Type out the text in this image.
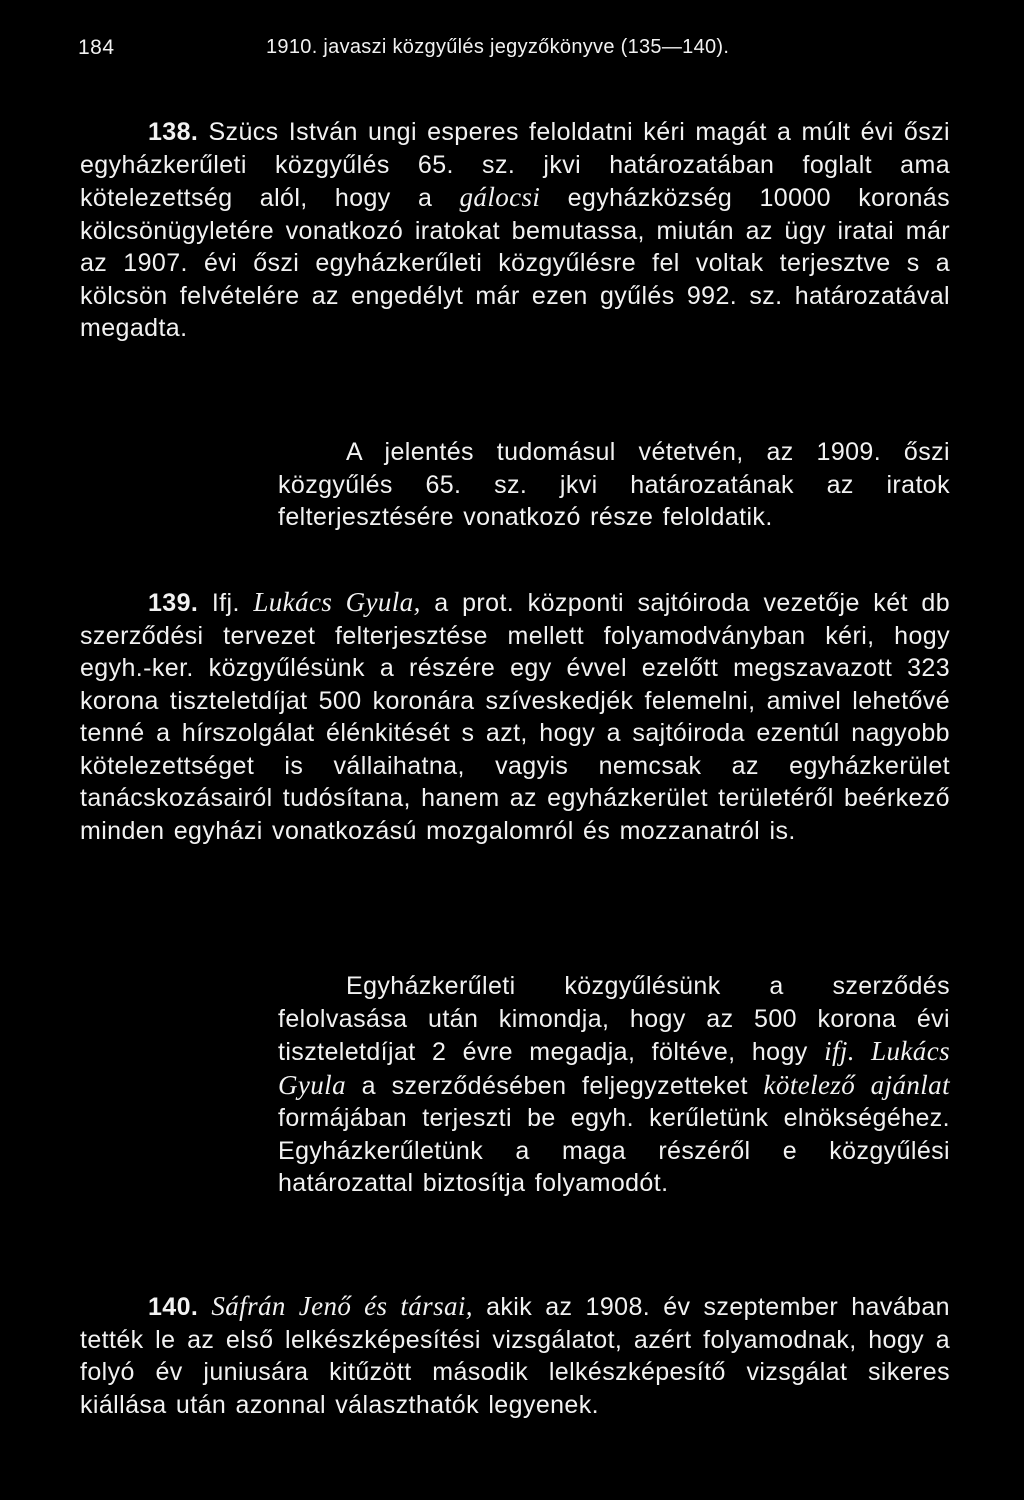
184	1910. javaszi közgyűlés jegyzőkönyve (135—140).

138. Szücs István ungi esperes feloldatni kéri magát a múlt évi őszi egyházkerűleti közgyűlés 65. sz. jkvi határozatában foglalt ama kötelezettség alól, hogy a gálocsi egyházközség 10000 koronás kölcsönügyletére vonatkozó iratokat bemutassa, miután az ügy iratai már az 1907. évi őszi egyházkerűleti közgyűlésre fel voltak terjesztve s a kölcsön felvételére az engedélyt már ezen gyűlés 992. sz. határozatával megadta.

A jelentés tudomásul vétetvén, az 1909. őszi közgyűlés 65. sz. jkvi határozatának az iratok felterjesztésére vonatkozó része feloldatik.

139. Ifj. Lukács Gyula, a prot. központi sajtóiroda vezetője két db szerződési tervezet felterjesztése mellett folyamodványban kéri, hogy egyh.-ker. közgyűlésünk a részére egy évvel ezelőtt megszavazott 323 korona tiszteletdíjat 500 koronára szíveskedjék felemelni, amivel lehetővé tenné a hírszolgálat élénkitését s azt, hogy a sajtóiroda ezentúl nagyobb kötelezettséget is vállaihatna, vagyis nemcsak az egyházkerület tanácskozásairól tudósítana, hanem az egyházkerület területéről beérkező minden egyházi vonatkozású mozgalomról és mozzanatról is.

Egyházkerűleti közgyűlésünk a szerződés felolvasása után kimondja, hogy az 500 korona évi tiszteletdíjat 2 évre megadja, föltéve, hogy ifj. Lukács Gyula a szerződésében feljegyzetteket kötelező ajánlat formájában terjeszti be egyh. kerűletünk elnökségéhez. Egyházkerűletünk a maga részéről e közgyűlési határozattal biztosítja folyamodót.

140. Sáfrán Jenő és társai, akik az 1908. év szeptember havában tették le az első lelkészképesítési vizsgálatot, azért folyamodnak, hogy a folyó év juniusára kitűzött második lelkészképesítő vizsgálat sikeres kiállása után azonnal választhatók legyenek.
